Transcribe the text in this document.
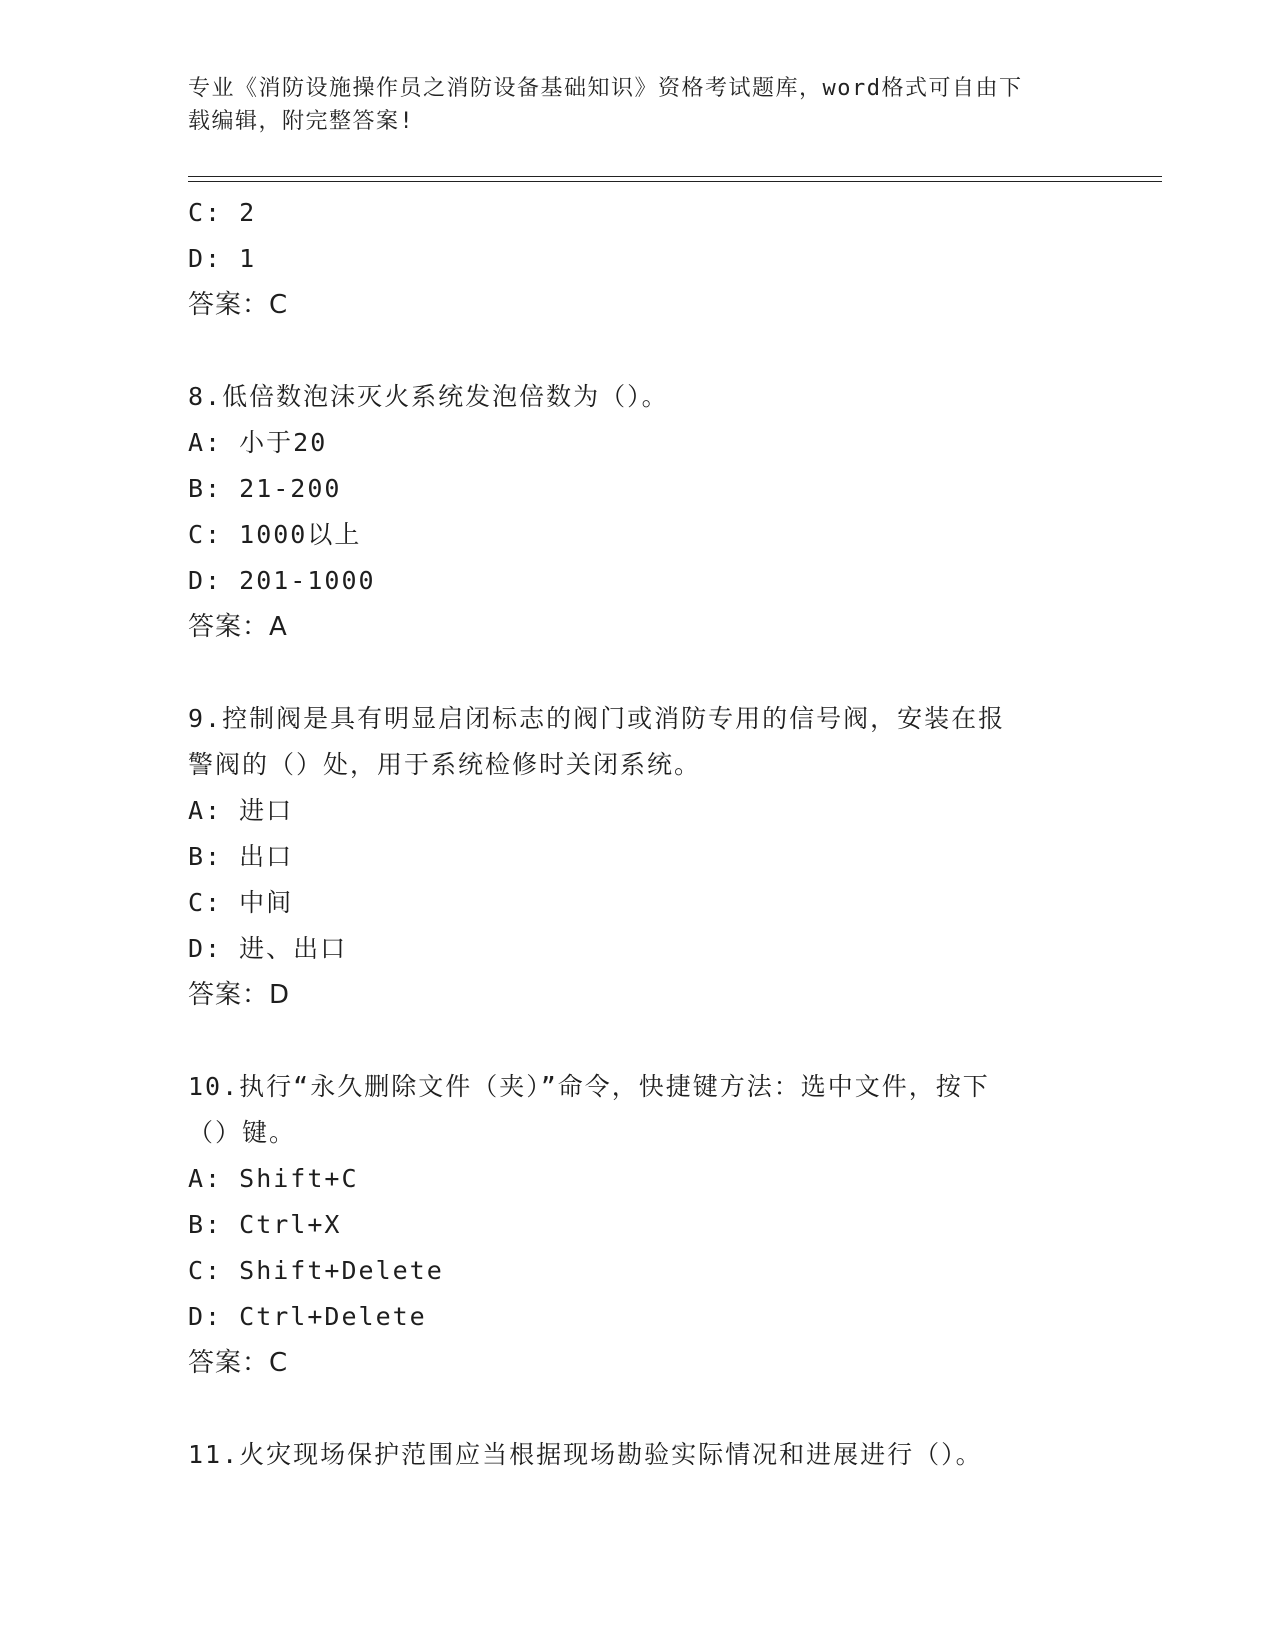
专业《消防设施操作员之消防设备基础知识》资格考试题库，word格式可自由下
载编辑，附完整答案!
C: 2
D: 1
答案：C
8.低倍数泡沫灭火系统发泡倍数为（）。
A: 小于20
B: 21-200
C: 1000以上
D: 201-1000
答案：A
9.控制阀是具有明显启闭标志的阀门或消防专用的信号阀，安装在报
警阀的（）处，用于系统检修时关闭系统。
A: 进口
B: 出口
C: 中间
D: 进、出口
答案：D
10.执行“永久删除文件（夹）”命令，快捷键方法：选中文件，按下
（）键。
A: Shift+C
B: Ctrl+X
C: Shift+Delete
D: Ctrl+Delete
答案：C
11.火灾现场保护范围应当根据现场勘验实际情况和进展进行（）。
